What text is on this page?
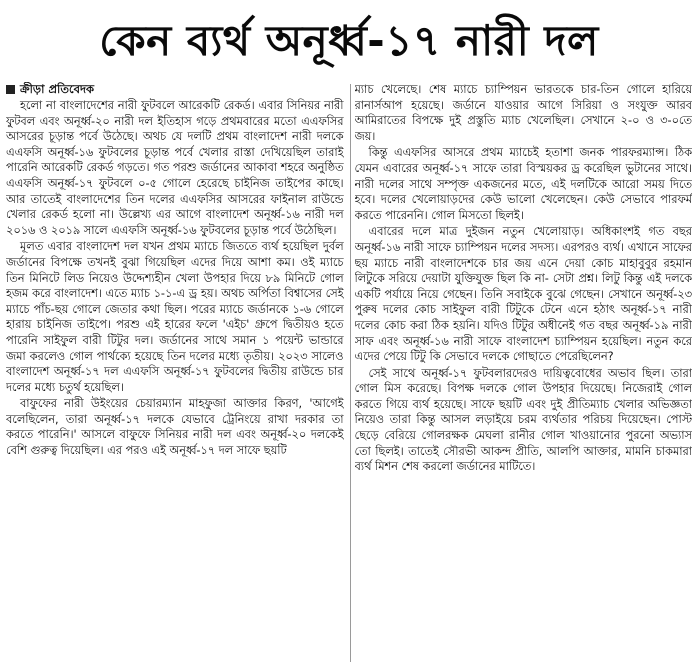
কেন ব্যর্থ অনূর্ধ্ব-১৭ নারী দল
ক্রীড়া প্রতিবেদক

হলো না বাংলাদেশের নারী ফুটবলে আরেকটি রেকর্ড। এবার সিনিয়র নারী ফুটবল এবং অনূর্ধ্ব-২০ নারী দল ইতিহাস গড়ে প্রথমবারের মতো এএফসির আসরের চূড়ান্ত পর্বে উঠেছে। অথচ যে দলটি প্রথম বাংলাদেশ নারী দলকে এএফসি অনূর্ধ্ব-১৬ ফুটবলের চূড়ান্ত পর্বে খেলার রাস্তা দেখিয়েছিল তারাই পারেনি আরেকটি রেকর্ড গড়তে। গত পরশু জর্ডানের আকাবা শহরে অনুষ্ঠিত এএফসি অনূর্ধ্ব-১৭ ফুটবলে ০-৫ গোলে হেরেছে চাইনিজ তাইপের কাছে। আর তাতেই বাংলাদেশের তিন দলের এএফসির আসরের ফাইনাল রাউন্ডে খেলার রেকর্ড হলো না। উল্লেখ্য এর আগে বাংলাদেশ অনূর্ধ্ব-১৬ নারী দল ২০১৬ ও ২০১৯ সালে এএফসি অনূর্ধ্ব-১৬ ফুটবলের চূড়ান্ত পর্বে উঠেছিল।

মূলত এবার বাংলাদেশ দল যখন প্রথম ম্যাচে জিততে ব্যর্থ হয়েছিল দুর্বল জর্ডানের বিপক্ষে তখনই বুঝা গিয়েছিল এদের দিয়ে আশা কম। ওই ম্যাচে তিন মিনিটে লিড নিয়েও উদ্দেশ্যহীন খেলা উপহার দিয়ে ৮৯ মিনিটে গোল হজম করে বাংলাদেশ। এতে ম্যাচ ১-১-এ ড্র হয়। অথচ অর্পিতা বিশ্বাসের সেই ম্যাচে পাঁচ-ছয় গোলে জেতার কথা ছিল। পরের ম্যাচে জর্ডানকে ১-৬ গোলে হারায় চাইনিজ তাইপে। পরশু এই হারের ফলে 'এইচ' গ্রুপে দ্বিতীয়ও হতে পারেনি সাইফুল বারী টিটুর দল। জর্ডানের সাথে সমান ১ পয়েন্ট ভান্ডারে জমা করলেও গোল পার্থক্যে হয়েছে তিন দলের মধ্যে তৃতীয়। ২০২৩ সালেও বাংলাদেশ অনূর্ধ্ব-১৭ দল এএফসি অনূর্ধ্ব-১৭ ফুটবলের দ্বিতীয় রাউন্ডে চার দলের মধ্যে চতুর্থ হয়েছিল।

বাফুফের নারী উইংয়ের চেয়ারম্যান মাহফুজা আক্তার কিরণ, 'আগেই বলেছিলেন, তারা অনূর্ধ্ব-১৭ দলকে যেভাবে ট্রেনিংয়ে রাখা দরকার তা করতে পারেনি।' আসলে বাফুফে সিনিয়র নারী দল এবং অনূর্ধ্ব-২০ দলকেই বেশি গুরুত্ব দিয়েছিল। এর পরও এই অনূর্ধ্ব-১৭ দল সাফে ছয়টি

ম্যাচ খেলেছে। শেষ ম্যাচে চ্যাম্পিয়ন ভারতকে চার-তিন গোলে হারিয়ে রানার্সআপ হয়েছে। জর্ডানে যাওয়ার আগে সিরিয়া ও সংযুক্ত আরব আমিরাতের বিপক্ষে দুই প্রস্তুতি ম্যাচ খেলেছিল। সেখানে ২-০ ও ৩-০তে জয়।

কিন্তু এএফসির আসরে প্রথম ম্যাচেই হতাশা জনক পারফরম্যান্স। ঠিক যেমন এবারের অনূর্ধ্ব-১৭ সাফে তারা বিস্ময়কর ড্র করেছিল ভুটানের সাথে। নারী দলের সাথে সম্পৃক্ত একজনের মতে, এই দলটিকে আরো সময় দিতে হবে। দলের খেলোয়াড়দের কেউ ভালো খেলেছেন। কেউ সেভাবে পারফর্ম করতে পারেননি। গোল মিসতো ছিলই।

এবারের দলে মাত্র দুইজন নতুন খেলোয়াড়। অধিকাংশই গত বছর অনূর্ধ্ব-১৬ নারী সাফে চ্যাম্পিয়ন দলের সদস্য। এরপরও ব্যর্থ। এখানে সাফের ছয় ম্যাচে নারী বাংলাদেশকে চার জয় এনে দেয়া কোচ মাহাবুবুর রহমান লিটুকে সরিয়ে দেয়াটা যুক্তিযুক্ত ছিল কি না- সেটা প্রশ্ন। লিটু কিন্তু এই দলকে একটি পর্যায়ে নিয়ে গেছেন। তিনি সবাইকে বুঝে গেছেন। সেখানে অনূর্ধ্ব-২৩ পুরুষ দলের কোচ সাইফুল বারী টিটুকে টেনে এনে হঠাৎ অনূর্ধ্ব-১৭ নারী দলের কোচ করা ঠিক হয়নি। যদিও টিটুর অধীনেই গত বছর অনূর্ধ্ব-১৯ নারী সাফ এবং অনূর্ধ্ব-১৬ নারী সাফে বাংলাদেশ চ্যাম্পিয়ন হয়েছিল। নতুন করে এদের পেয়ে টিটু কি সেভাবে দলকে গোছাতে পেরেছিলেন?

সেই সাথে অনূর্ধ্ব-১৭ ফুটবলারদেরও দায়িত্ববোধের অভাব ছিল। তারা গোল মিস করেছে। বিপক্ষ দলকে গোল উপহার দিয়েছে। নিজেরাই গোল করতে গিয়ে ব্যর্থ হয়েছে। সাফে ছয়টি এবং দুই প্রীতিম্যাচ খেলার অভিজ্ঞতা নিয়েও তারা কিন্তু আসল লড়াইয়ে চরম ব্যর্থতার পরিচয় দিয়েছেন। পোস্ট ছেড়ে বেরিয়ে গোলরক্ষক মেঘলা রানীর গোল খাওয়ানোর পুরনো অভ্যাস তো ছিলই। তাতেই সৌরভী আকন্দ প্রীতি, আলপি আক্তার, মামনি চাকমারা ব্যর্থ মিশন শেষ করলো জর্ডানের মাটিতে।
